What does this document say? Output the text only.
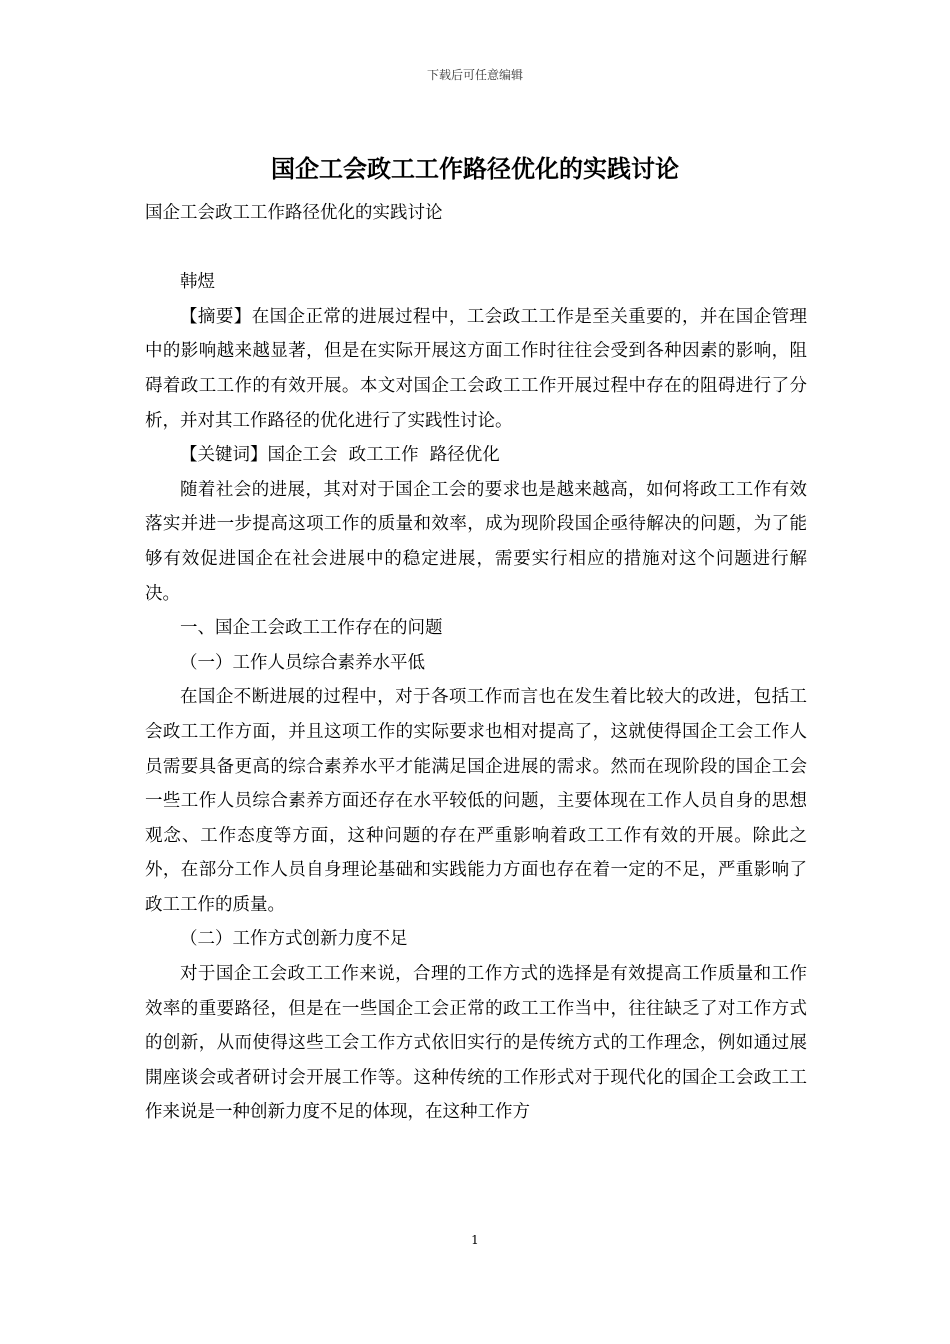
下载后可任意编辑
国企工会政工工作路径优化的实践讨论

国企工会政工工作路径优化的实践讨论

韩煜

【摘要】在国企正常的进展过程中，工会政工工作是至关重要的，并在国企管理中的影响越来越显著，但是在实际开展这方面工作时往往会受到各种因素的影响，阻碍着政工工作的有效开展。本文对国企工会政工工作开展过程中存在的阻碍进行了分析，并对其工作路径的优化进行了实践性讨论。

【关键词】国企工会  政工工作  路径优化

随着社会的进展，其对对于国企工会的要求也是越来越高，如何将政工工作有效落实并进一步提高这项工作的质量和效率，成为现阶段国企亟待解决的问题，为了能够有效促进国企在社会进展中的稳定进展，需要实行相应的措施对这个问题进行解决。

一、国企工会政工工作存在的问题

（一）工作人员综合素养水平低

在国企不断进展的过程中，对于各项工作而言也在发生着比较大的改进，包括工会政工工作方面，并且这项工作的实际要求也相对提高了，这就使得国企工会工作人员需要具备更高的综合素养水平才能满足国企进展的需求。然而在现阶段的国企工会一些工作人员综合素养方面还存在水平较低的问题，主要体现在工作人员自身的思想观念、工作态度等方面，这种问题的存在严重影响着政工工作有效的开展。除此之外，在部分工作人员自身理论基础和实践能力方面也存在着一定的不足，严重影响了政工工作的质量。

（二）工作方式创新力度不足

对于国企工会政工工作来说，合理的工作方式的选择是有效提高工作质量和工作效率的重要路径，但是在一些国企工会正常的政工工作当中，往往缺乏了对工作方式的创新，从而使得这些工会工作方式依旧实行的是传统方式的工作理念，例如通过展開座谈会或者研讨会开展工作等。这种传统的工作形式对于现代化的国企工会政工工作来说是一种创新力度不足的体现，在这种工作方

1
